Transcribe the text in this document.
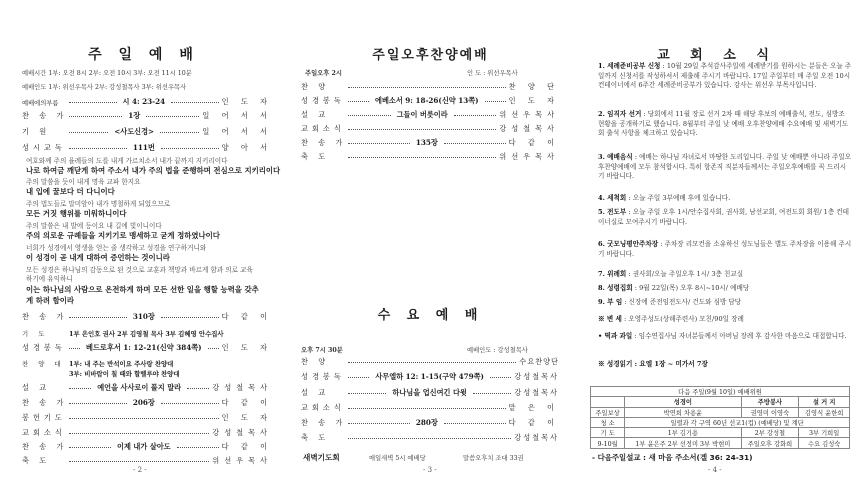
주 일 예 배
예배시간 1부: 오전 8시 2부: 오전 10시 3부: 오전 11시 10분
예배인도 1부: 위선우목사 2부: 강성철목사 3부: 위선우목사
예배에의부름	시 4: 23-24	인 도 자
찬 송 가	1장	일 어 서 서
기 원	<사도신경>	일 어 서 서
성시교독	111번	양 아 서
여호와께 주의 율례들의 도를 내게 가르치소서 내가 끝까지 지키리이다
나로 하여금 깨닫게 하여 주소서 내가 주의 법을 준행하며 전심으로 지키리이다
주의 말씀을 듯이 내게 명육 교파 한지요
내 입에 꿀보다 더 다니이다
주의 법도들로 말미암아 내가 명철하게 되었으므로
모든 거짓 행위를 미워하니이다
주의 말씀은 내 발에 등이요 내 길에 빛이니이다
주의 의로운 규례들을 지키기로 맹세하고 굳게 정하였나이다
너희가 성경에서 영생을 얻는 줄 생각하고 성경을 연구하거니와
이 성경이 곧 내게 대하여 증언하는 것이니라
모든 성경은 하나님의 감동으로 된 것으로 교훈과 책망과 바르게 함과 의로 교육
하기에 유익하니
이는 하나님의 사람으로 온전하게 하며 모든 선한 일을 행할 능력을 갖추
게 하려 함이라
찬 송 가	310장	다 같 이
기 도	1부 은인호 권사 2부 김영철 목사 3부 김혜영 안수집사
성경봉독	베드로후서 1: 12-21(신약 384쪽)	인 도 자
찬 양 대 1부: 내 주는 반석이요 주사랑 찬양대
3부: 비바람이 칠 때와 할렐루야 찬양대
설 교	예언을 사사로이 풀지 말라	강성철목사
찬 송 가	206장	다 같 이
봉헌기도	인 도 자
교회소식	강성철목사
찬 송 가	이제 내가 살아도	다 같 이
축 도	위선우목사
- 2 -
주일오후찬양예배
주일오후 2시	인 도 : 위선우목사
찬 양	찬 양 단
성경봉독	에베소서 9: 18-26(신약 13쪽)	인 도 자
설 교	그들이 버릇이라	위선우목사
교회소식	강성철목사
찬 송 가	135장	다 같 이
축 도	위선우목사
수 요 예 배
오후 7시 30분	예배인도 : 강성철목사
찬 양	수요찬양단
성경봉독	사무엘하 12: 1-15(구약 479쪽)	강성철목사
설 교	하나님을 업신여긴 다윗	강성철목사
교회소식	맡 은 이
찬 송 가	280장	다 같 이
축 도	강성철목사
새벽기도회	매일새벽 5시 예배당	말씀오후치 조대 33권
- 3 -
교 회 소 식
1. 세례준비공부 신청 : 10월 29일 추석감사주일에 세례받기를 원하시는 분들은 오늘 주일까지 신청서를 작성하셔서 제출해 주시기 바랍니다. 17일 주일부터 매 주일 오전 10시 컨테이너에서 6주간 세례준비공부가 있습니다. 강사는 위선우 부목사입니다.
2. 임직자 선거 : 당회에서 11월 장로 선거 2차 때 해당 후보의 예배출석, 전도, 심방조 현황을 공개하기로 했습니다. 8월부터 주일 낮 예배 오후찬양예배 수요예배 및 새벽기도회 출석 사항을 체크하고 있습니다.
3. 예배음식 : 예배는 하나님 자녀로서 마땅한 도리입니다. 주일 낮 예배뿐 아니라 주일오후찬양예배에 모두 참석합시다. 특히 항존직 직분자들께서는 주일오후예배를 꼭 드리시기 바랍니다.
4. 세척회 : 오늘 주일 3부예배 후에 있습니다.
5. 전도부 : 오늘 주일 오후 1시/안수집사회, 권사회, 남선교회, 여전도회 회원/ 1층 컨테이너실로 모여주시기 바랍니다.
6. 굿모닝평안주차장 : 주차장 리모컨을 소유하신 성도님들은 별도 주차장을 이용해 주시기 바랍니다.
7. 위례회 : 권사회/오늘 주일오후 1시/ 3층 친교실
8. 성령집회 : 9월 22일(목) 오후 8시~10시/ 예배당
9. 부 임 : 신장에 준전임전도사/ 건도와 심방 담당
※ 변 세 : 오영주성도(상해주련사) 모친/90일 장례
• 떡과 과일 : 임수연집사님 자녀분들께서 아버님 장례 후 감사한 마음으로 대접합니다.
※ 성경읽기 : 요엘 1장 ~ 미가서 7장
다음 주일(9월 10일) 예배위원			
	성경이	주방봉사	설 거 지
주일보상	박연희 차용윤	권영미 이영숙	김영식 윤한희
청 소	일렬과 각 구역 60년 선교1(컵) (예배당) 및 계단		
기 도	1부 김기용	2부 강성철	3부 기희일
9-10월	1부 윤은주 2부 선정미 3부 박현미	주일오후 강화희	수요 김성숙
- 다음주일설교 : 새 마음 주소서(겔 36: 24-31)
- 4 -
